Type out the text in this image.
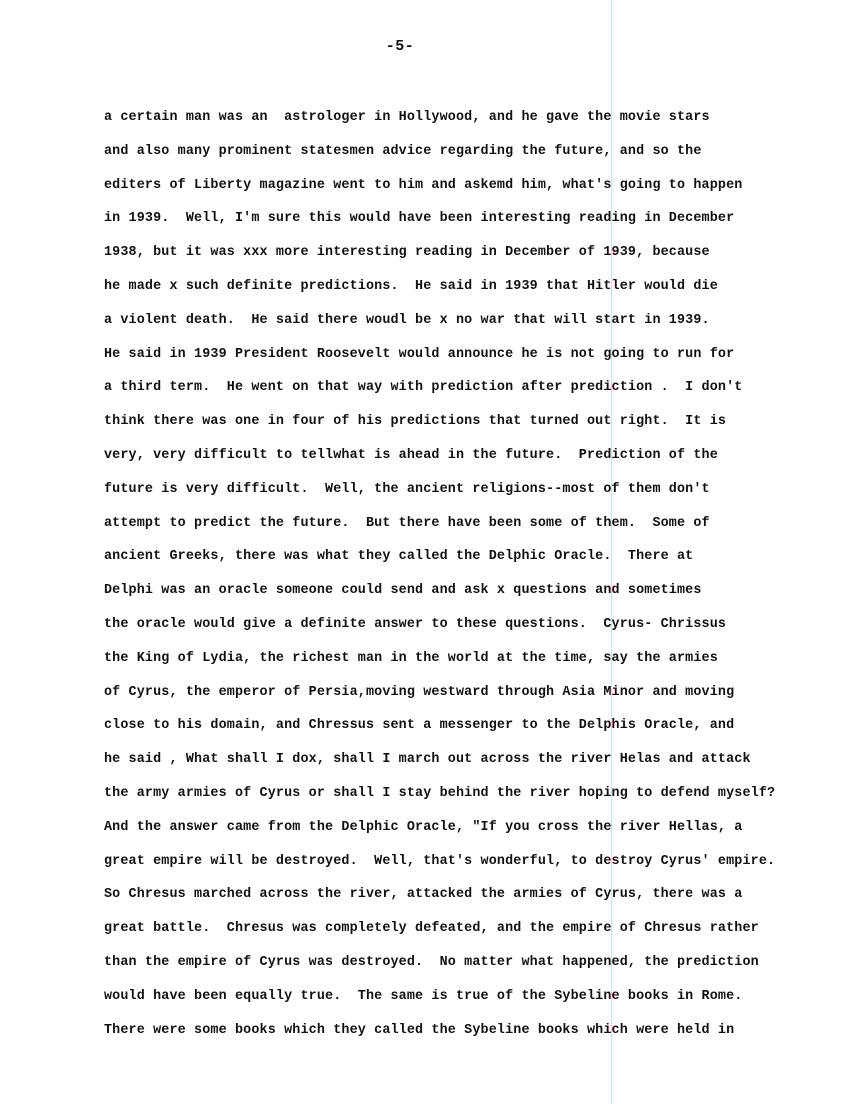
-5-
a certain man was an  astrologer in Hollywood, and he gave the movie stars
and also many prominent statesmen advice regarding the future, and so the
editers of Liberty magazine went to him and askemd him, what's going to happen
in 1939.  Well, I'm sure this would have been interesting reading in December
1938, but it was xxx more interesting reading in December of 1939, because
he made x such definite predictions.  He said in 1939 that Hitler would die
a violent death.  He said there woudl be x no war that will start in 1939.
He said in 1939 President Roosevelt would announce he is not going to run for
a third term.  He went on that way with prediction after prediction .  I don't
think there was one in four of his predictions that turned out right.  It is
very, very difficult to tellwhat is ahead in the future.  Prediction of the
future is very difficult.  Well, the ancient religions--most of them don't
attempt to predict the future.  But there have been some of them.  Some of
ancient Greeks, there was what they called the Delphic Oracle.  There at
Delphi was an oracle someone could send and ask x questions and sometimes
the oracle would give a definite answer to these questions.  Cyrus- Chrissus
the King of Lydia, the richest man in the world at the time, say the armies
of Cyrus, the emperor of Persia,moving westward through Asia Minor and moving
close to his domain, and Chressus sent a messenger to the Delphis Oracle, and
he said , What shall I dox, shall I march out across the river Helas and attack
the army armies of Cyrus or shall I stay behind the river hoping to defend myself?
And the answer came from the Delphic Oracle, "If you cross the river Hellas, a
great empire will be destroyed.  Well, that's wonderful, to destroy Cyrus' empire.
So Chresus marched across the river, attacked the armies of Cyrus, there was a
great battle.  Chresus was completely defeated, and the empire of Chresus rather
than the empire of Cyrus was destroyed.  No matter what happened, the prediction
would have been equally true.  The same is true of the Sybeline books in Rome.
There were some books which they called the Sybeline books which were held in
